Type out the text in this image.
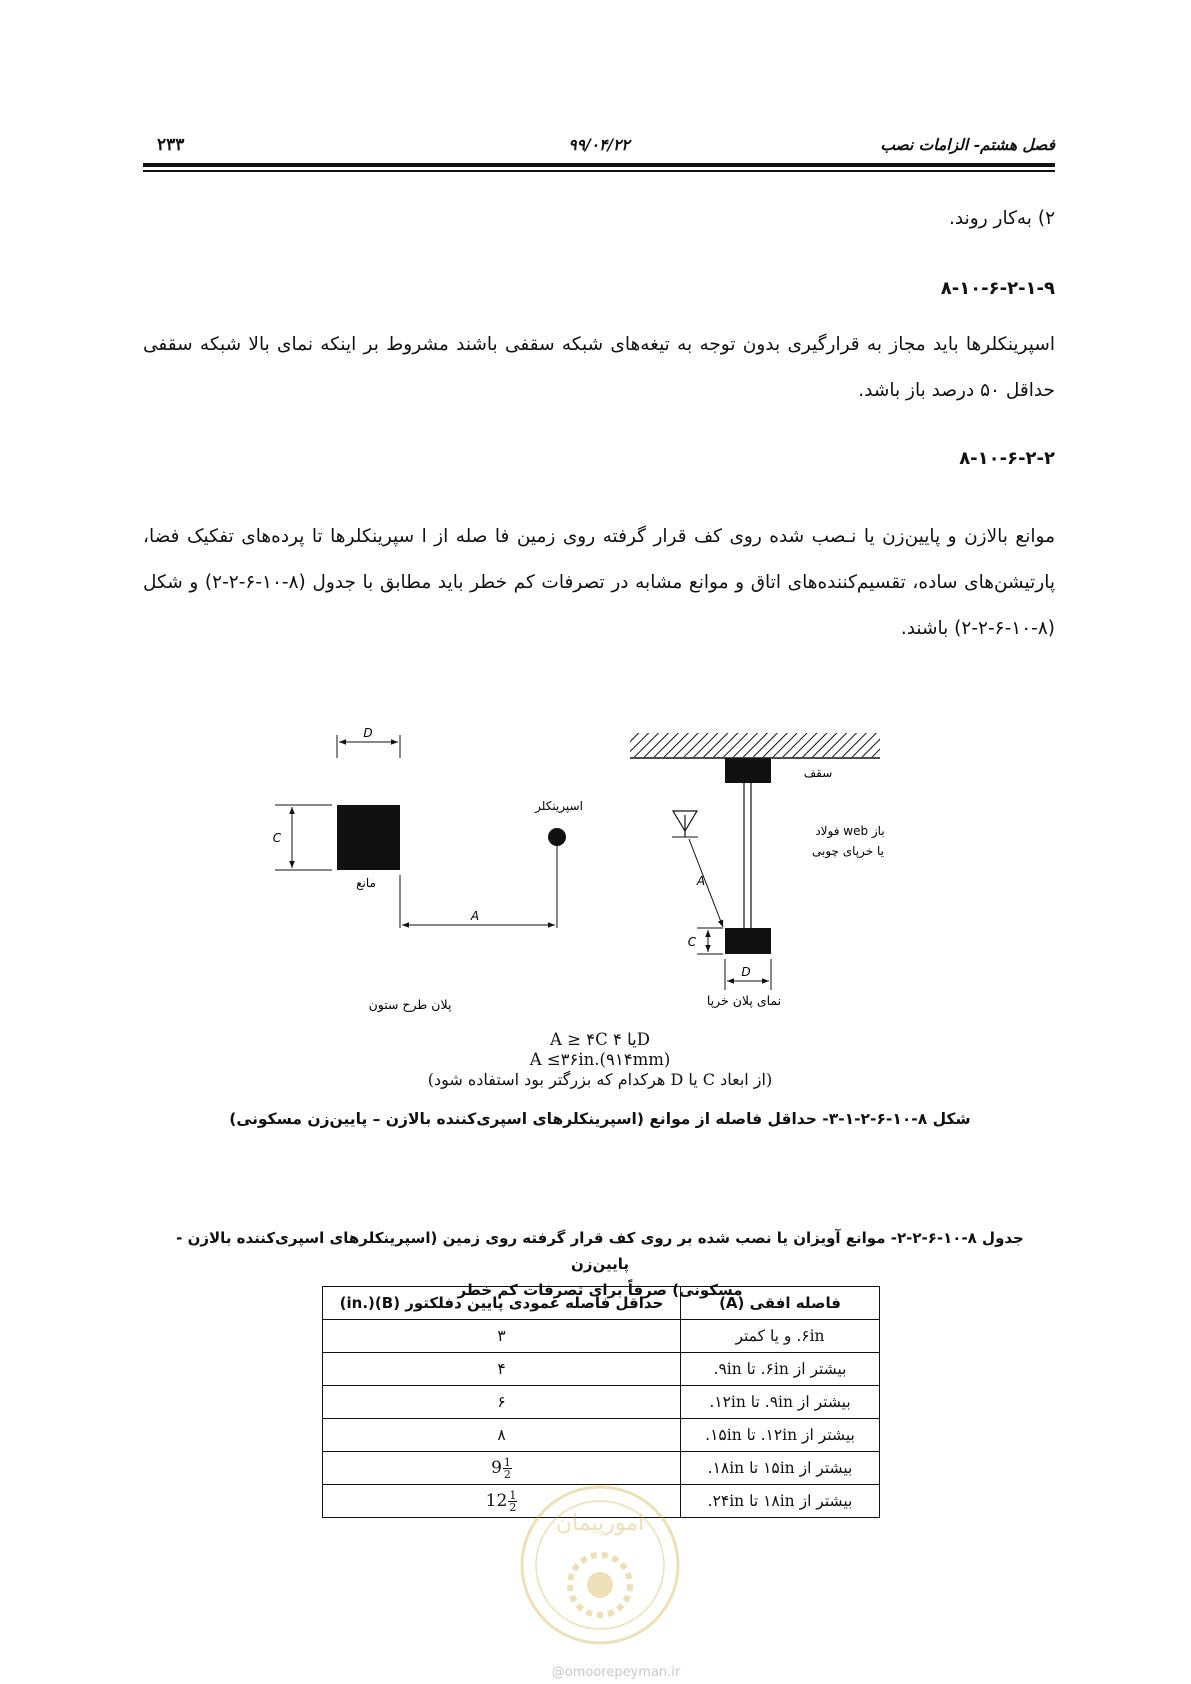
فصل هشتم- الزامات نصب
۹۹/۰۴/۲۲
۲۳۳
۲) به‌کار روند.
۸-۱۰-۶-۲-۱-۹
اسپرینکلرها باید مجاز به قرارگیری بدون توجه به تیغه‌های شبکه سقفی باشند مشروط بر اینکه نمای بالا شبکه سقفی حداقل ۵۰ درصد باز باشد.
۸-۱۰-۶-۲-۲
موانع بالازن و پایین‌زن یا نـصب شده روی کف قرار گرفته روی زمین فا صله از ا سپرینکلرها تا پرده‌های تفکیک فضا، پارتیشن‌های ساده، تقسیم‌کننده‌های اتاق و موانع مشابه در تصرفات کم خطر باید مطابق با جدول (۸-۱۰-۶-۲-۲) و شکل (۸-۱۰-۶-۲-۲) باشند.
D
C
مانع
اسپرینکلر
A
سقف
فولاد web باز
یا خرپای چوبی
A
C
D
پلان طرح ستون	نمای پلان خرپا
A ≥ ۴C یا ۴D
A ≤۳۶in.(۹۱۴mm)
(از ابعاد C یا D هرکدام که بزرگتر بود استفاده شود)
شکل ۸-۱۰-۶-۲-۱-۳- حداقل فاصله از موانع (اسپرینکلرهای اسپری‌کننده بالازن – پایین‌زن مسکونی)
جدول ۸-۱۰-۶-۲-۲- موانع آویزان یا نصب شده بر روی کف قرار گرفته روی زمین (اسپرینکلرهای اسپری‌کننده بالازن - پایین‌زن
مسکونی) صرفاً برای تصرفات کم خطر
فاصله افقی (A)	حداقل فاصله عمودی پایین دفلکتور (B)(.in)
۶in. و یا کمتر	۳
بیشتر از ۶in. تا ۹in.	۴
بیشتر از ۹in. تا ۱۲in.	۶
بیشتر از ۱۲in. تا ۱۵in.	۸
بیشتر از ۱۵in تا ۱۸in.	$9 \frac{1}{2}$

بیشتر از ۱۸in تا ۲۴in.	$12 \frac{1}{2}$
امورپیمان
@omoorepeyman.ir
